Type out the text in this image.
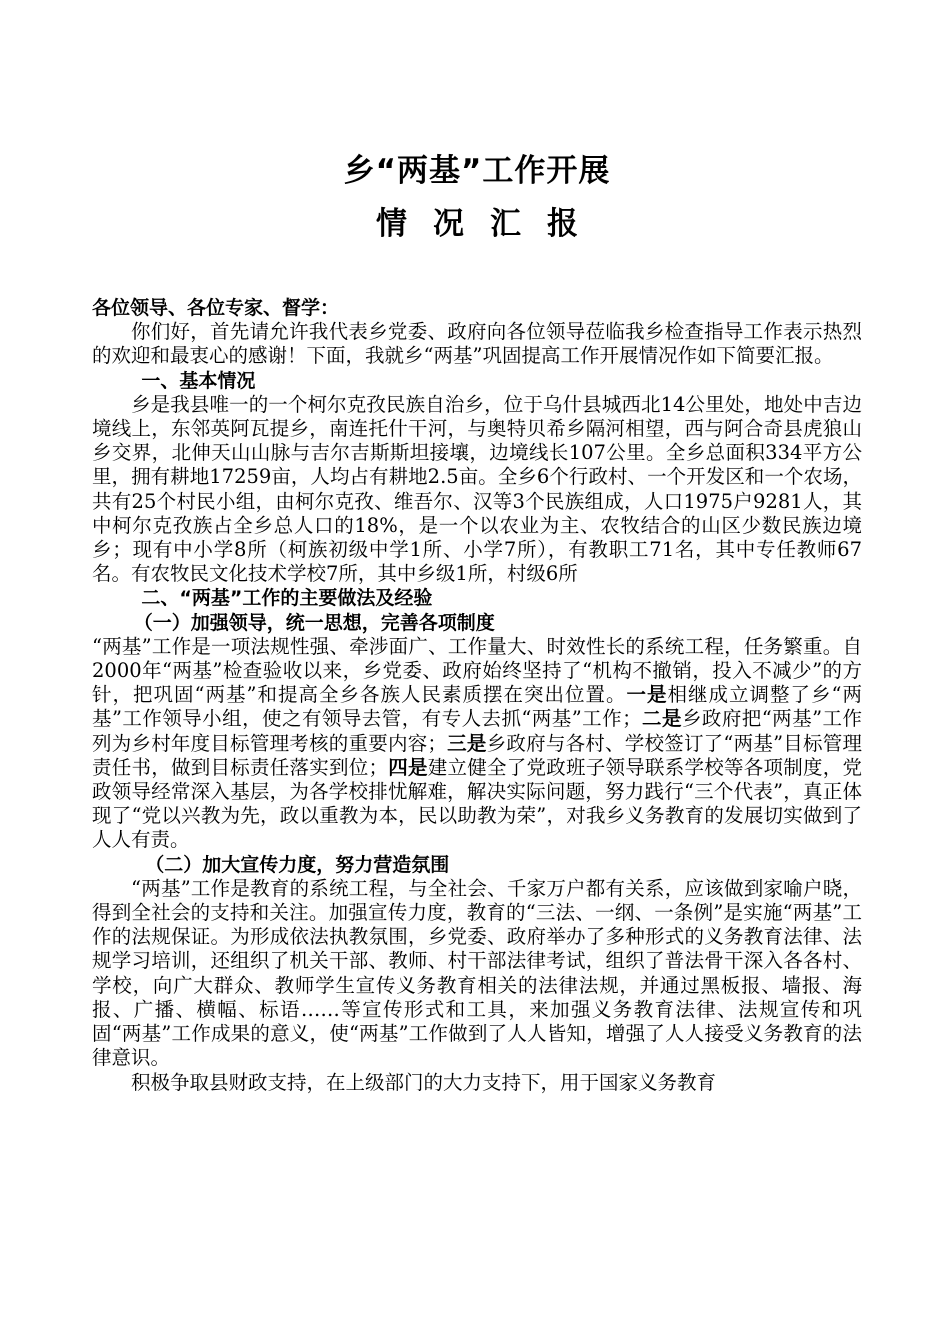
乡“两基”工作开展
情况汇报

各位领导、各位专家、督学：

你们好，首先请允许我代表乡党委、政府向各位领导莅临我乡检查指导工作表示热烈的欢迎和最衷心的感谢！下面，我就乡“两基”巩固提高工作开展情况作如下简要汇报。

一、基本情况

乡是我县唯一的一个柯尔克孜民族自治乡，位于乌什县城西北14公里处，地处中吉边境线上，东邻英阿瓦提乡，南连托什干河，与奥特贝希乡隔河相望，西与阿合奇县虎狼山乡交界，北伸天山山脉与吉尔吉斯斯坦接壤，边境线长107公里。全乡总面积334平方公里，拥有耕地17259亩，人均占有耕地2.5亩。全乡6个行政村、一个开发区和一个农场，共有25个村民小组，由柯尔克孜、维吾尔、汉等3个民族组成，人口1975户9281人，其中柯尔克孜族占全乡总人口的18%，是一个以农业为主、农牧结合的山区少数民族边境乡；现有中小学8所（柯族初级中学1所、小学7所），有教职工71名，其中专任教师67名。有农牧民文化技术学校7所，其中乡级1所，村级6所

二、“两基”工作的主要做法及经验

（一）加强领导，统一思想，完善各项制度

“两基”工作是一项法规性强、牵涉面广、工作量大、时效性长的系统工程，任务繁重。自2000年“两基”检查验收以来，乡党委、政府始终坚持了“机构不撤销，投入不减少”的方针，把巩固“两基”和提高全乡各族人民素质摆在突出位置。一是相继成立调整了乡“两基”工作领导小组，使之有领导去管，有专人去抓“两基”工作；二是乡政府把“两基”工作列为乡村年度目标管理考核的重要内容；三是乡政府与各村、学校签订了“两基”目标管理责任书，做到目标责任落实到位；四是建立健全了党政班子领导联系学校等各项制度，党政领导经常深入基层，为各学校排忧解难，解决实际问题，努力践行“三个代表”，真正体现了“党以兴教为先，政以重教为本，民以助教为荣”，对我乡义务教育的发展切实做到了人人有责。

（二）加大宣传力度，努力营造氛围

“两基”工作是教育的系统工程，与全社会、千家万户都有关系，应该做到家喻户晓，得到全社会的支持和关注。加强宣传力度，教育的“三法、一纲、一条例”是实施“两基”工作的法规保证。为形成依法执教氛围，乡党委、政府举办了多种形式的义务教育法律、法规学习培训，还组织了机关干部、教师、村干部法律考试，组织了普法骨干深入各各村、学校，向广大群众、教师学生宣传义务教育相关的法律法规，并通过黑板报、墙报、海报、广播、横幅、标语……等宣传形式和工具，来加强义务教育法律、法规宣传和巩固“两基”工作成果的意义，使“两基”工作做到了人人皆知，增强了人人接受义务教育的法律意识。

积极争取县财政支持，在上级部门的大力支持下，用于国家义务教育
